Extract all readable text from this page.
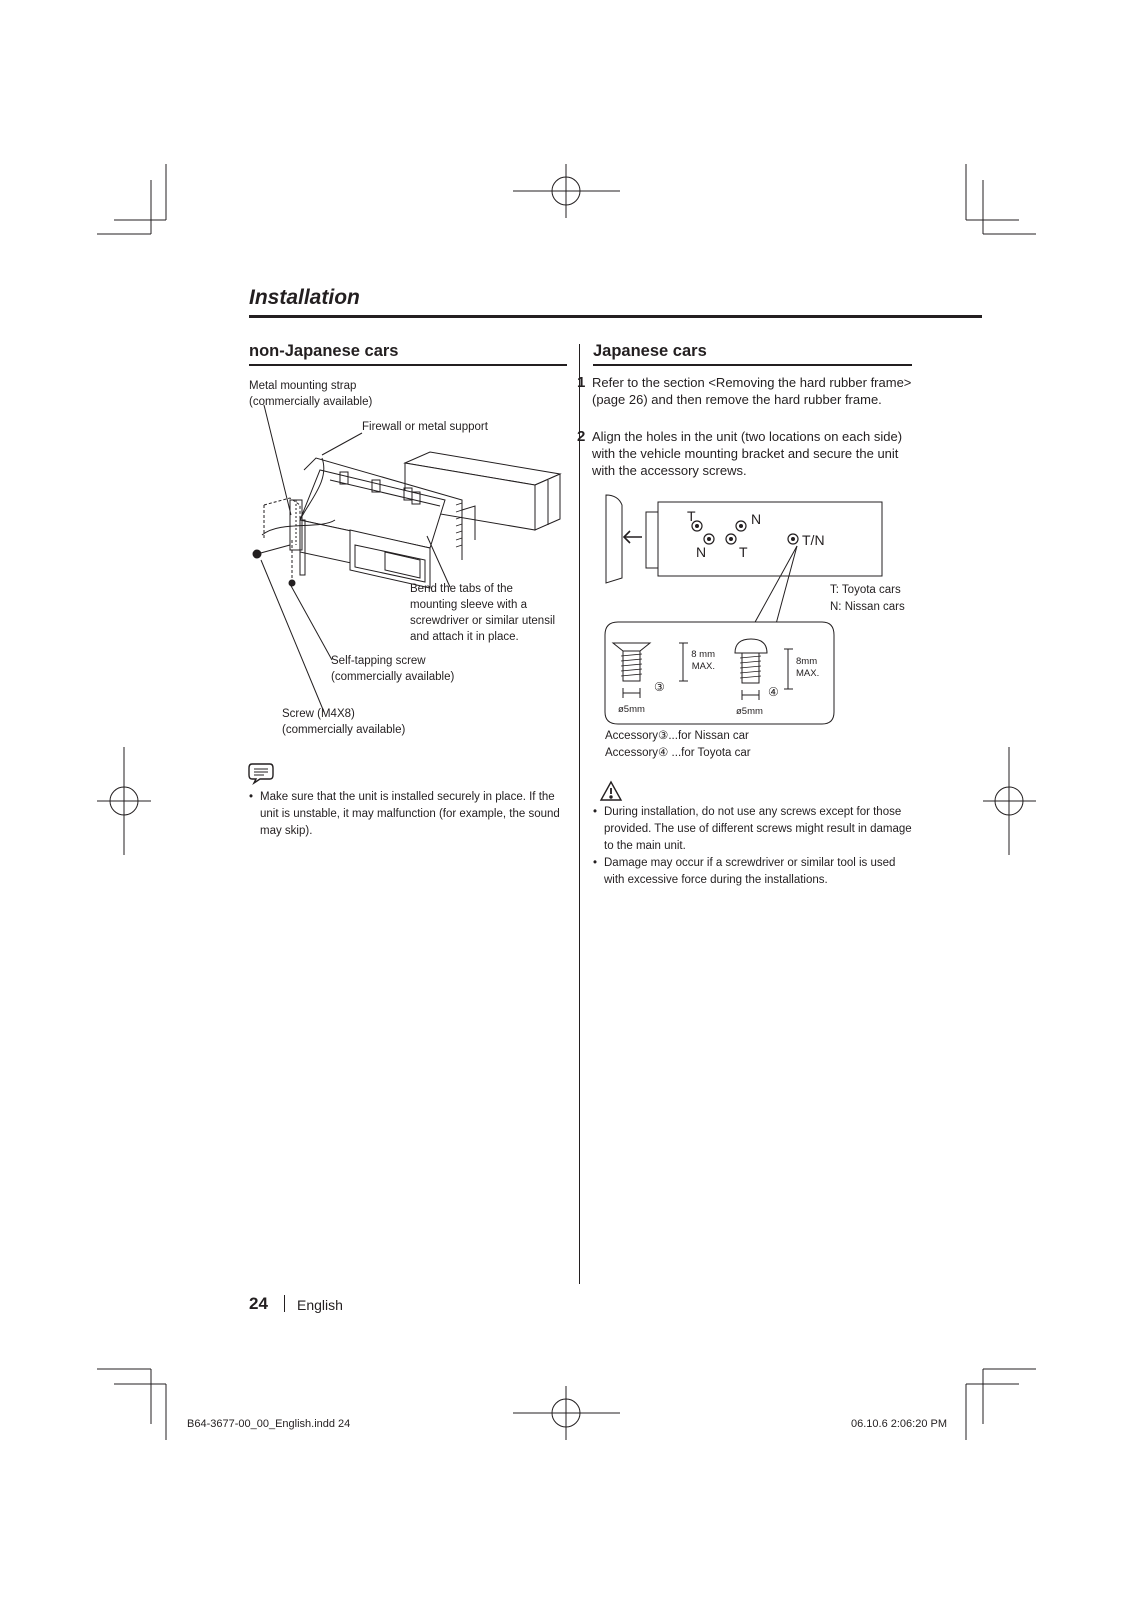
Installation
non-Japanese cars	Japanese cars
Metal mounting strap
(commercially available)
Firewall or metal support
Bend the tabs of the
mounting sleeve with a
screwdriver or similar utensil
and attach it in place.
Self-tapping screw
(commercially available)
Screw (M4X8)
(commercially available)
• Make sure that the unit is installed securely in place. If the unit is unstable, it may malfunction (for example, the sound may skip).
1 Refer to the section <Removing the hard rubber frame> (page 26) and then remove the hard rubber frame.
2 Align the holes in the unit (two locations on each side) with the vehicle mounting bracket and secure the unit with the accessory screws.
T	N
N T
T/N
T: Toyota cars
N: Nissan cars
8 mm
MAX.
③
ø5mm
8mm
MAX.
④
ø5mm
Accessory③...for Nissan car
Accessory④ ...for Toyota car
• During installation, do not use any screws except for those provided. The use of different screws might result in damage to the main unit.
• Damage may occur if a screwdriver or similar tool is used with excessive force during the installations.
24 English
B64-3677-00_00_English.indd 24	06.10.6 2:06:20 PM
